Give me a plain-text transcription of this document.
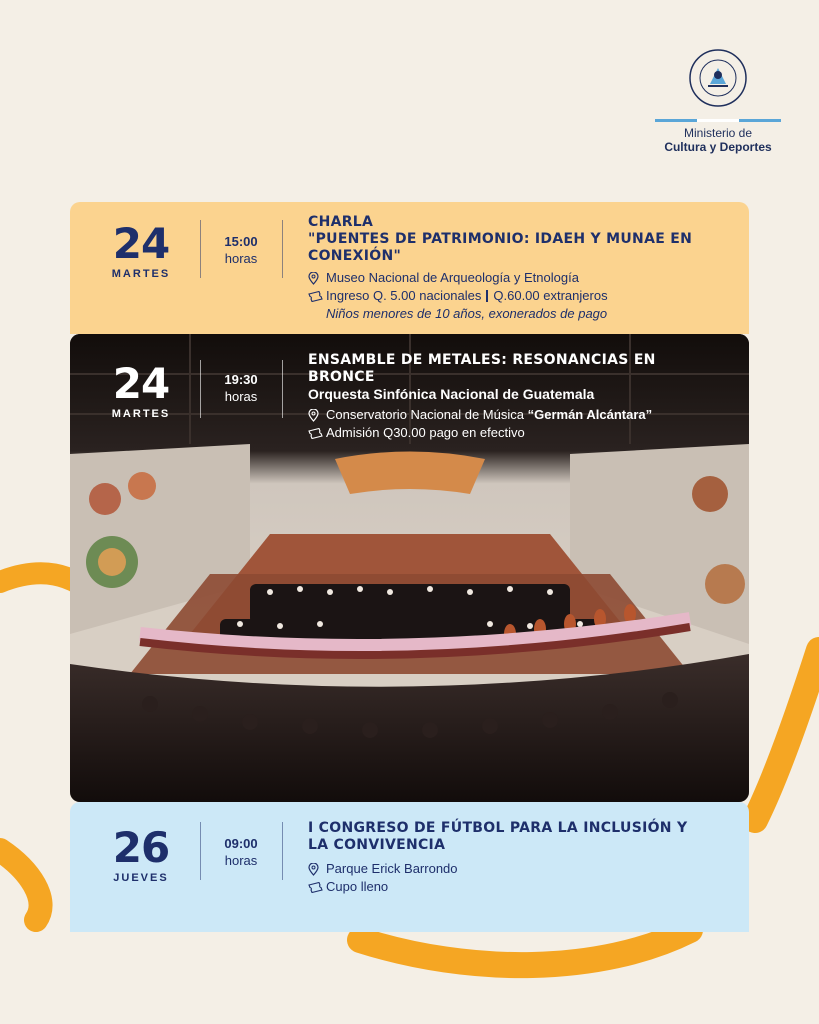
Ministerio de
Cultura y Deportes
24
MARTES
15:00
horas
CHARLA
"PUENTES DE PATRIMONIO: IDAEH Y MUNAE EN CONEXIÓN"
Museo Nacional de Arqueología y Etnología
Ingreso Q. 5.00 nacionales Q.60.00 extranjeros
Niños menores de 10 años, exonerados de pago
24
MARTES
19:30
horas
ENSAMBLE DE METALES: RESONANCIAS EN BRONCE
Orquesta Sinfónica Nacional de Guatemala
Conservatorio Nacional de Música “Germán Alcántara”
Admisión Q30.00 pago en efectivo
26
JUEVES
09:00
horas
I CONGRESO DE FÚTBOL PARA LA INCLUSIÓN Y LA CONVIVENCIA
Parque Erick Barrondo
Cupo lleno
